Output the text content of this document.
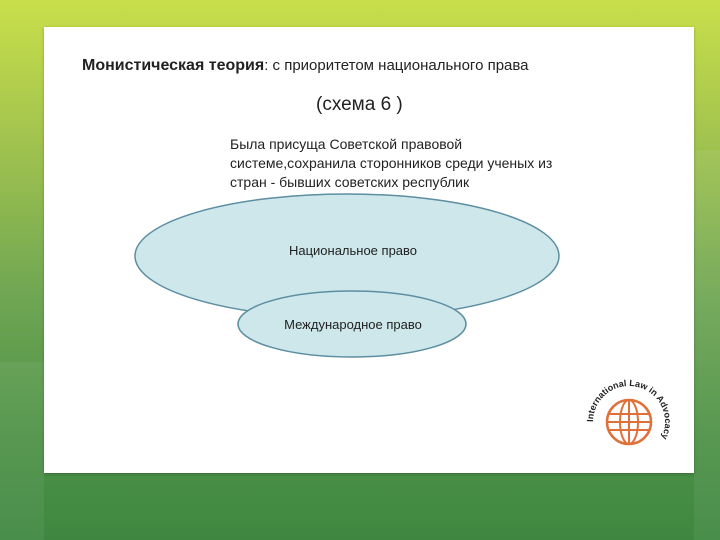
Монистическая теория: с приоритетом национального права
(схема 6 )
Была присуща Советской правовой
системе,сохранила сторонников среди ученых из
стран - бывших советских республик
Национальное право
Международное право
International Law in Advocacy
